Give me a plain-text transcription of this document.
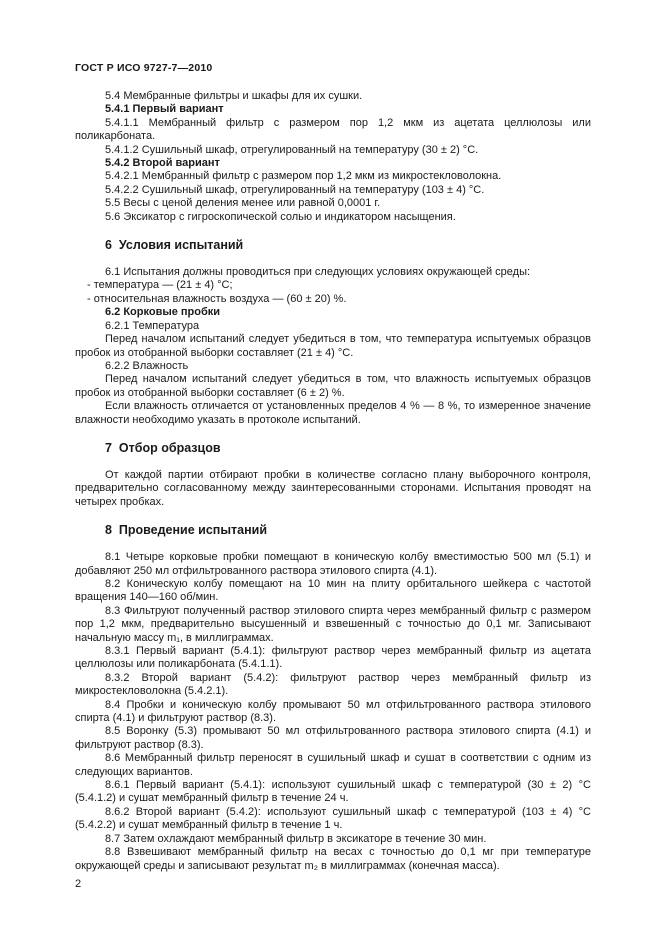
ГОСТ Р ИСО 9727-7—2010

5.4 Мембранные фильтры и шкафы для их сушки.

5.4.1 Первый вариант

5.4.1.1 Мембранный фильтр с размером пор 1,2 мкм из ацетата целлюлозы или поликарбоната.

5.4.1.2 Сушильный шкаф, отрегулированный на температуру (30 ± 2) °С.

5.4.2 Второй вариант

5.4.2.1 Мембранный фильтр с размером пор 1,2 мкм из микростекловолокна.

5.4.2.2 Сушильный шкаф, отрегулированный на температуру (103 ± 4) °С.

5.5 Весы с ценой деления менее или равной 0,0001 г.

5.6 Эксикатор с гигроскопической солью и индикатором насыщения.

6  Условия испытаний

6.1 Испытания должны проводиться при следующих условиях окружающей среды:

- температура — (21 ± 4) °С;

- относительная влажность воздуха — (60 ± 20) %.

6.2 Корковые пробки

6.2.1 Температура

Перед началом испытаний следует убедиться в том, что температура испытуемых образцов пробок из отобранной выборки составляет (21 ± 4) °С.

6.2.2 Влажность

Перед началом испытаний следует убедиться в том, что влажность испытуемых образцов пробок из отобранной выборки составляет (6 ± 2) %.

Если влажность отличается от установленных пределов 4 % — 8 %, то измеренное значение влажности необходимо указать в протоколе испытаний.

7  Отбор образцов

От каждой партии отбирают пробки в количестве согласно плану выборочного контроля, предварительно согласованному между заинтересованными сторонами. Испытания проводят на четырех пробках.

8  Проведение испытаний

8.1 Четыре корковые пробки помещают в коническую колбу вместимостью 500 мл (5.1) и добавляют 250 мл отфильтрованного раствора этилового спирта (4.1).

8.2 Коническую колбу помещают на 10 мин на плиту орбитального шейкера с частотой вращения 140—160 об/мин.

8.3 Фильтруют полученный раствор этилового спирта через мембранный фильтр с размером пор 1,2 мкм, предварительно высушенный и взвешенный с точностью до 0,1 мг. Записывают начальную массу m₁, в миллиграммах.

8.3.1 Первый вариант (5.4.1): фильтруют раствор через мембранный фильтр из ацетата целлюлозы или поликарбоната (5.4.1.1).

8.3.2 Второй вариант (5.4.2): фильтруют раствор через мембранный фильтр из микростекловолокна (5.4.2.1).

8.4 Пробки и коническую колбу промывают 50 мл отфильтрованного раствора этилового спирта (4.1) и фильтруют раствор (8.3).

8.5 Воронку (5.3) промывают 50 мл отфильтрованного раствора этилового спирта (4.1) и фильтруют раствор (8.3).

8.6 Мембранный фильтр переносят в сушильный шкаф и сушат в соответствии с одним из следующих вариантов.

8.6.1 Первый вариант (5.4.1): используют сушильный шкаф с температурой (30 ± 2) °С (5.4.1.2) и сушат мембранный фильтр в течение 24 ч.

8.6.2 Второй вариант (5.4.2): используют сушильный шкаф с температурой (103 ± 4) °С (5.4.2.2) и сушат мембранный фильтр в течение 1 ч.

8.7 Затем охлаждают мембранный фильтр в эксикаторе в течение 30 мин.

8.8 Взвешивают мембранный фильтр на весах с точностью до 0,1 мг при температуре окружающей среды и записывают результат m₂ в миллиграммах (конечная масса).

2
